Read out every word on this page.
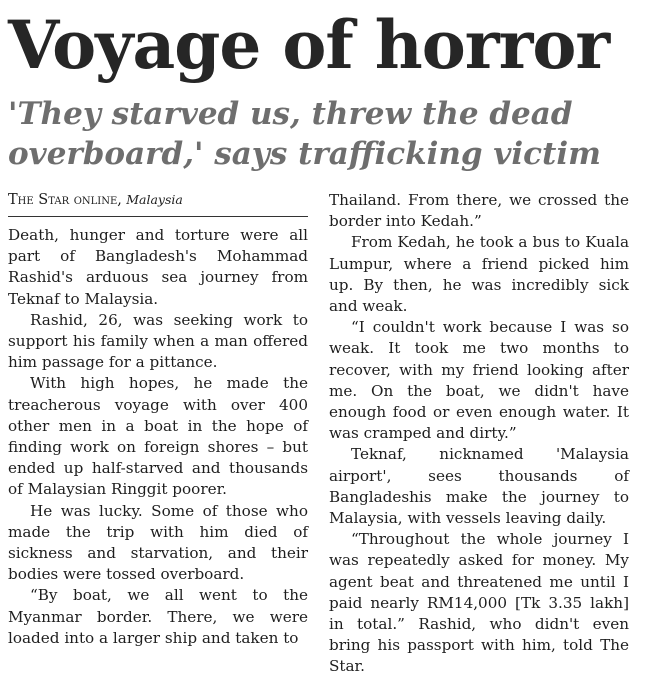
Voyage of horror
'They starved us, threw the dead overboard,' says trafficking victim
The Star online, Malaysia

Death, hunger and torture were all part of Bangladesh's Mohammad Rashid's arduous sea journey from Teknaf to Malaysia.

Rashid, 26, was seeking work to support his family when a man offered him passage for a pittance.

With high hopes, he made the treacherous voyage with over 400 other men in a boat in the hope of finding work on foreign shores – but ended up half-starved and thousands of Malaysian Ringgit poorer.

He was lucky. Some of those who made the trip with him died of sickness and starvation, and their bodies were tossed overboard.

“By boat, we all went to the Myanmar border. There, we were loaded into a larger ship and taken to

Thailand. From there, we crossed the border into Kedah.”

From Kedah, he took a bus to Kuala Lumpur, where a friend picked him up. By then, he was incredibly sick and weak.

“I couldn't work because I was so weak. It took me two months to recover, with my friend looking after me. On the boat, we didn't have enough food or even enough water. It was cramped and dirty.”

Teknaf, nicknamed 'Malaysia airport', sees thousands of Bangladeshis make the journey to Malaysia, with vessels leaving daily.

“Throughout the whole journey I was repeatedly asked for money. My agent beat and threatened me until I paid nearly RM14,000 [Tk 3.35 lakh] in total.” Rashid, who didn't even bring his passport with him, told The Star.
